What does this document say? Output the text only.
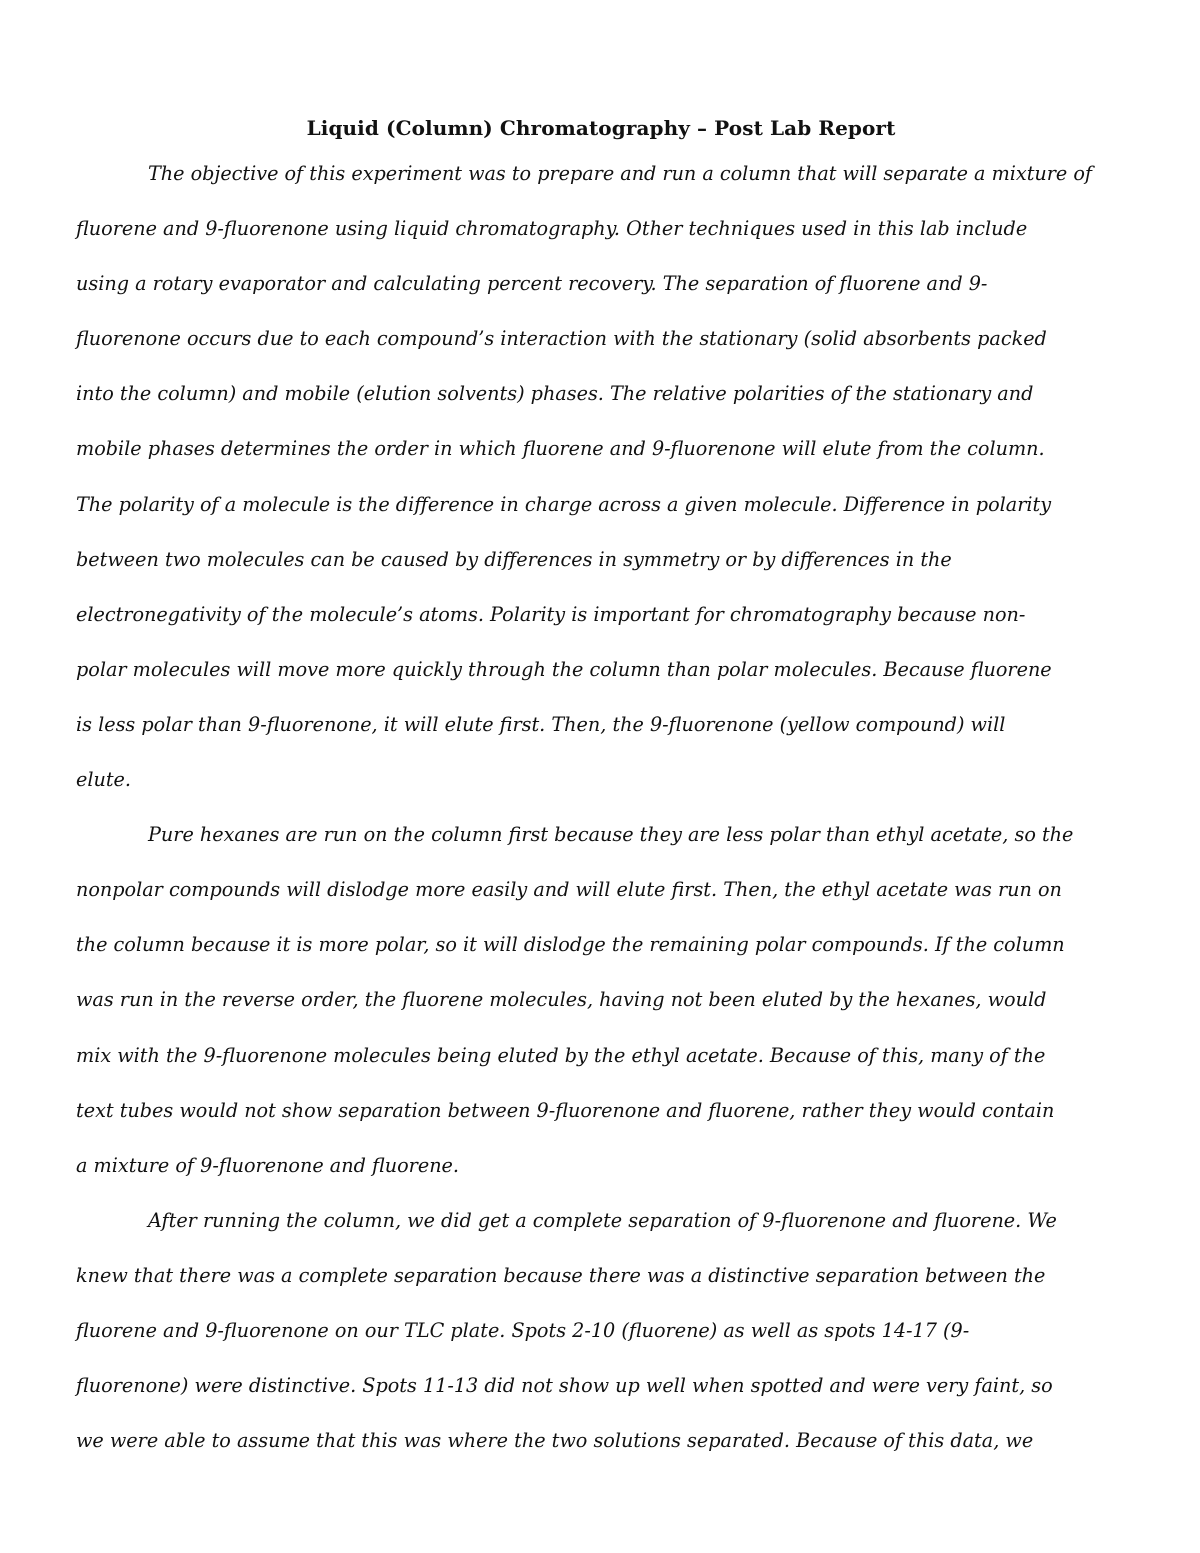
Liquid (Column) Chromatography – Post Lab Report
The objective of this experiment was to prepare and run a column that will separate a mixture of
fluorene and 9-fluorenone using liquid chromatography. Other techniques used in this lab include
using a rotary evaporator and calculating percent recovery. The separation of fluorene and 9-
fluorenone occurs due to each compound’s interaction with the stationary (solid absorbents packed
into the column) and mobile (elution solvents) phases. The relative polarities of the stationary and
mobile phases determines the order in which fluorene and 9-fluorenone will elute from the column.
The polarity of a molecule is the difference in charge across a given molecule. Difference in polarity
between two molecules can be caused by differences in symmetry or by differences in the
electronegativity of the molecule’s atoms. Polarity is important for chromatography because non-
polar molecules will move more quickly through the column than polar molecules. Because fluorene
is less polar than 9-fluorenone, it will elute first. Then, the 9-fluorenone (yellow compound) will
elute.
Pure hexanes are run on the column first because they are less polar than ethyl acetate, so the
nonpolar compounds will dislodge more easily and will elute first. Then, the ethyl acetate was run on
the column because it is more polar, so it will dislodge the remaining polar compounds. If the column
was run in the reverse order, the fluorene molecules, having not been eluted by the hexanes, would
mix with the 9-fluorenone molecules being eluted by the ethyl acetate. Because of this, many of the
text tubes would not show separation between 9-fluorenone and fluorene, rather they would contain
a mixture of 9-fluorenone and fluorene.
After running the column, we did get a complete separation of 9-fluorenone and fluorene. We
knew that there was a complete separation because there was a distinctive separation between the
fluorene and 9-fluorenone on our TLC plate. Spots 2-10 (fluorene) as well as spots 14-17 (9-
fluorenone) were distinctive. Spots 11-13 did not show up well when spotted and were very faint, so
we were able to assume that this was where the two solutions separated. Because of this data, we
